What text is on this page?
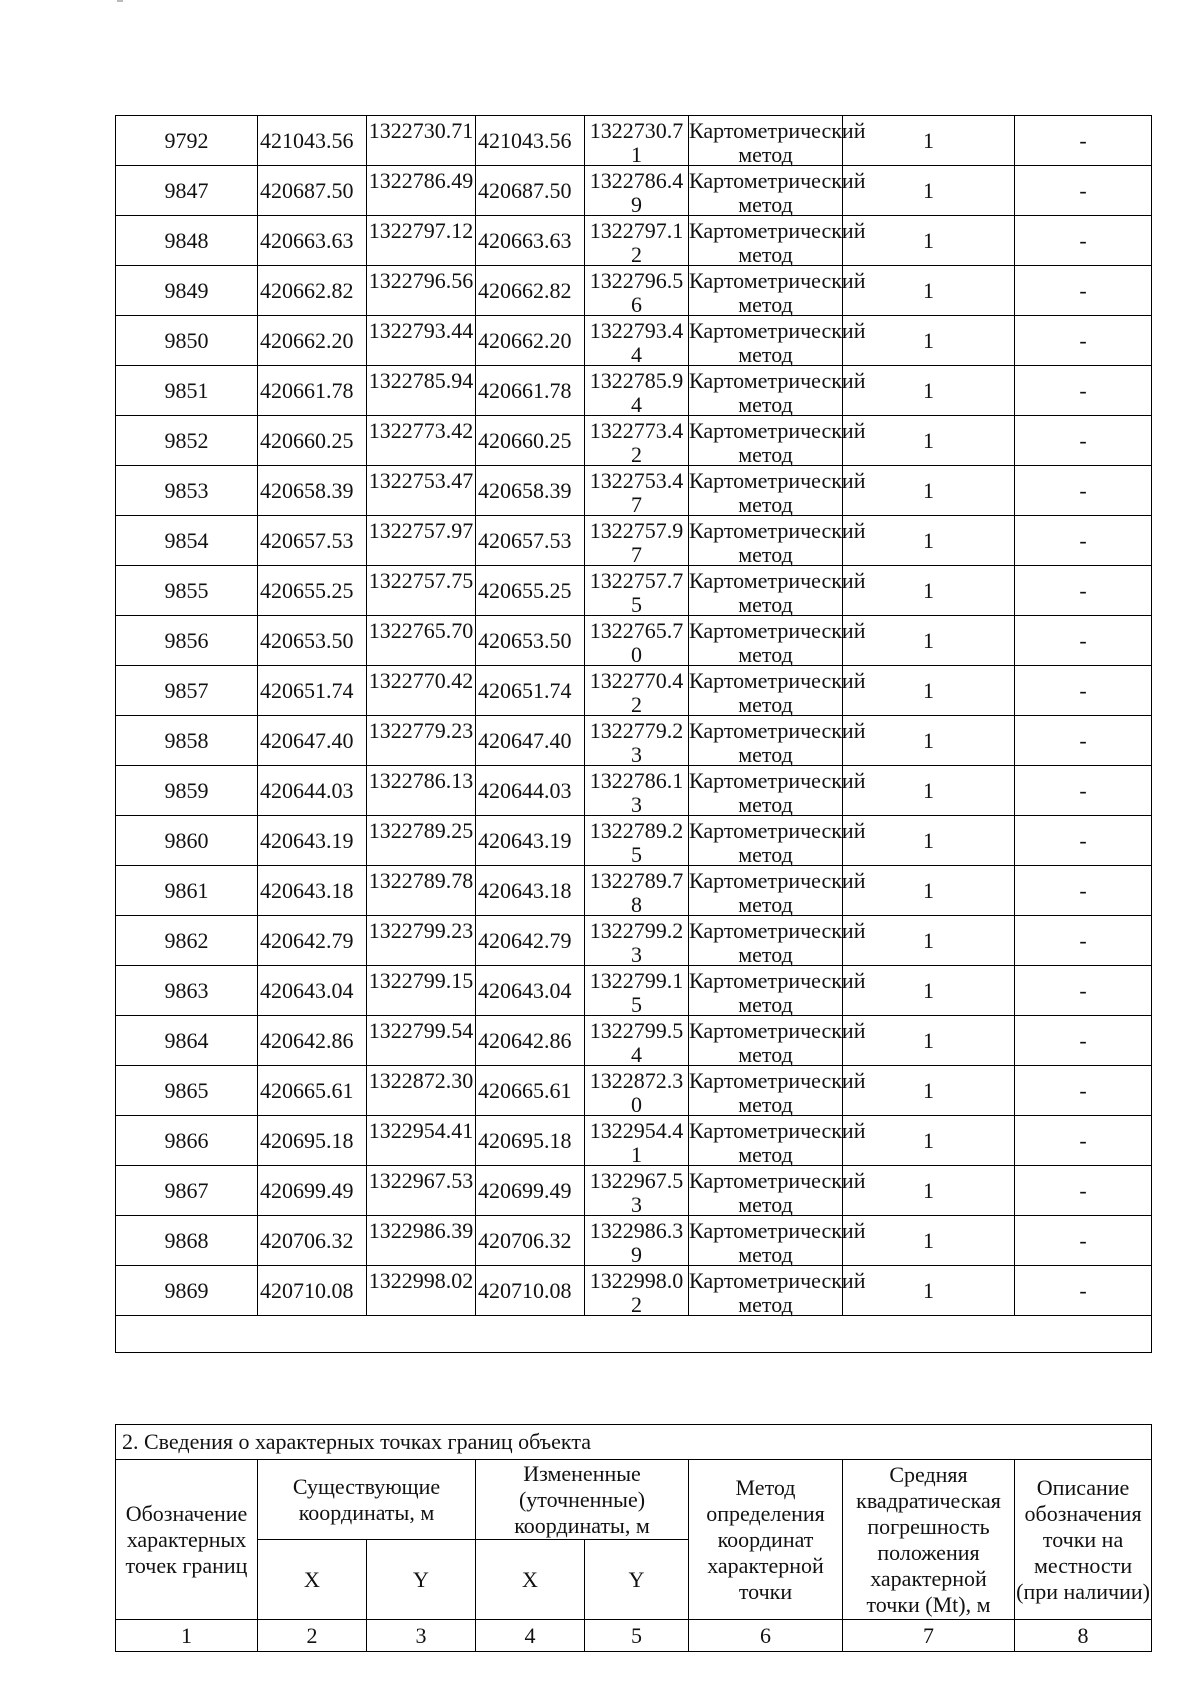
9792	421043.56	1322730.71	421043.56	1322730.71	Картометрический метод	1	-
9847	420687.50	1322786.49	420687.50	1322786.49	Картометрический метод	1	-
9848	420663.63	1322797.12	420663.63	1322797.12	Картометрический метод	1	-
9849	420662.82	1322796.56	420662.82	1322796.56	Картометрический метод	1	-
9850	420662.20	1322793.44	420662.20	1322793.44	Картометрический метод	1	-
9851	420661.78	1322785.94	420661.78	1322785.94	Картометрический метод	1	-
9852	420660.25	1322773.42	420660.25	1322773.42	Картометрический метод	1	-
9853	420658.39	1322753.47	420658.39	1322753.47	Картометрический метод	1	-
9854	420657.53	1322757.97	420657.53	1322757.97	Картометрический метод	1	-
9855	420655.25	1322757.75	420655.25	1322757.75	Картометрический метод	1	-
9856	420653.50	1322765.70	420653.50	1322765.70	Картометрический метод	1	-
9857	420651.74	1322770.42	420651.74	1322770.42	Картометрический метод	1	-
9858	420647.40	1322779.23	420647.40	1322779.23	Картометрический метод	1	-
9859	420644.03	1322786.13	420644.03	1322786.13	Картометрический метод	1	-
9860	420643.19	1322789.25	420643.19	1322789.25	Картометрический метод	1	-
9861	420643.18	1322789.78	420643.18	1322789.78	Картометрический метод	1	-
9862	420642.79	1322799.23	420642.79	1322799.23	Картометрический метод	1	-
9863	420643.04	1322799.15	420643.04	1322799.15	Картометрический метод	1	-
9864	420642.86	1322799.54	420642.86	1322799.54	Картометрический метод	1	-
9865	420665.61	1322872.30	420665.61	1322872.30	Картометрический метод	1	-
9866	420695.18	1322954.41	420695.18	1322954.41	Картометрический метод	1	-
9867	420699.49	1322967.53	420699.49	1322967.53	Картометрический метод	1	-
9868	420706.32	1322986.39	420706.32	1322986.39	Картометрический метод	1	-
9869	420710.08	1322998.02	420710.08	1322998.02	Картометрический метод	1	-

2. Сведения о характерных точках границ объекта							
Обозначение характерных точек границ	Существующие координаты, м		Измененные (уточненные) координаты, м		Метод определения координат характерной точки	Средняя квадратическая погрешность положения характерной точки (Mt), м	Описание обозначения точки на местности (при наличии)
	X	Y	X	Y			
1	2	3	4	5	6	7	8
